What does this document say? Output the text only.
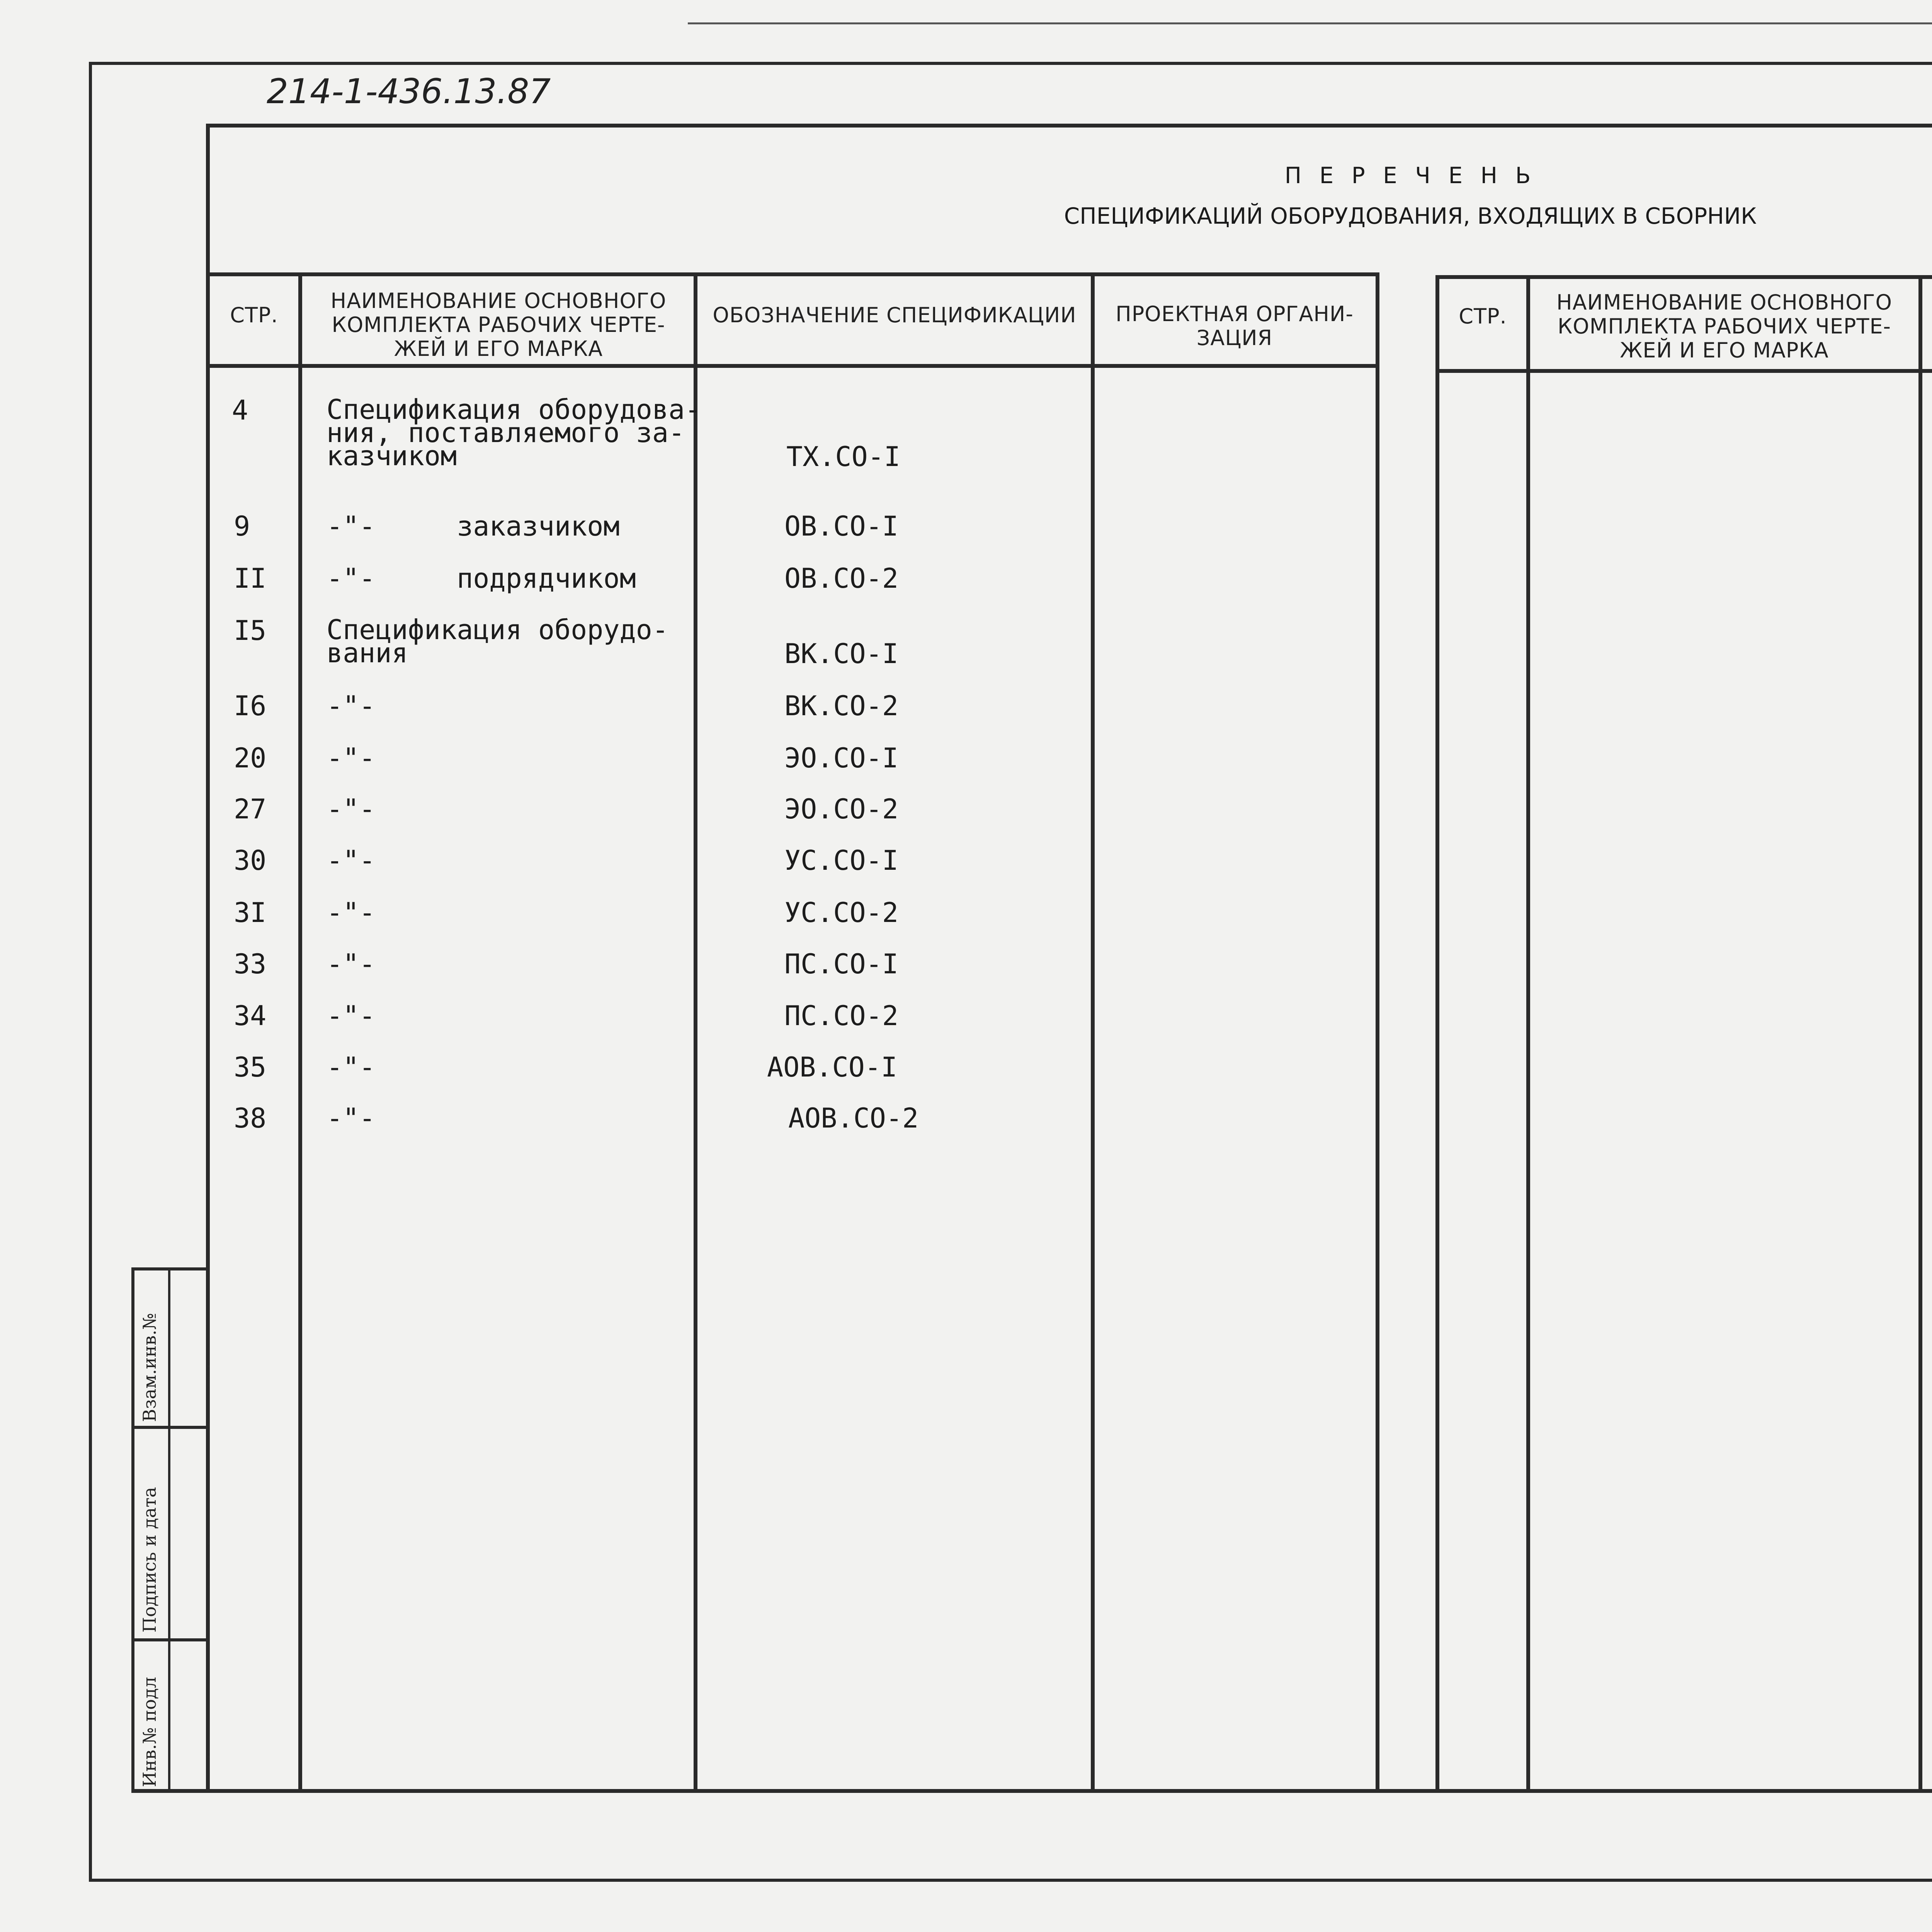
214-1-436.13.87
П Е Р Е Ч Е Н Ь
СПЕЦИФИКАЦИЙ ОБОРУДОВАНИЯ, ВХОДЯЩИХ В СБОРНИК
СТР.
НАИМЕНОВАНИЕ ОСНОВНОГО КОМПЛЕКТА РАБОЧИХ ЧЕРТЕ- ЖЕЙ И ЕГО МАРКА
ОБОЗНАЧЕНИЕ СПЕЦИФИКАЦИИ	ПРОЕКТНАЯ ОРГАНИ- ЗАЦИЯ
СТР.
НАИМЕНОВАНИЕ ОСНОВНОГО КОМПЛЕКТА РАБОЧИХ ЧЕРТЕ- ЖЕЙ И ЕГО МАРКА
4	Спецификация оборудова-
ния, поставляемого за-
казчиком	ТХ.СО-I
9	-"-     заказчиком	ОВ.СО-I
II -"-     подрядчиком	ОВ.СО-2
I5 Спецификация оборудо-
вания	ВК.СО-I
I6 -"-	ВК.СО-2
20 -"-	ЭО.СО-I
27 -"-	ЭО.СО-2
30 -"-	УС.СО-I
3I -"-	УС.СО-2
33 -"-	ПС.СО-I
34 -"-	ПС.СО-2
35 -"-	АОВ.СО-I
38 -"-	АОВ.СО-2
Взам.инв.№
Подпись и дата
Инв.№ подл
